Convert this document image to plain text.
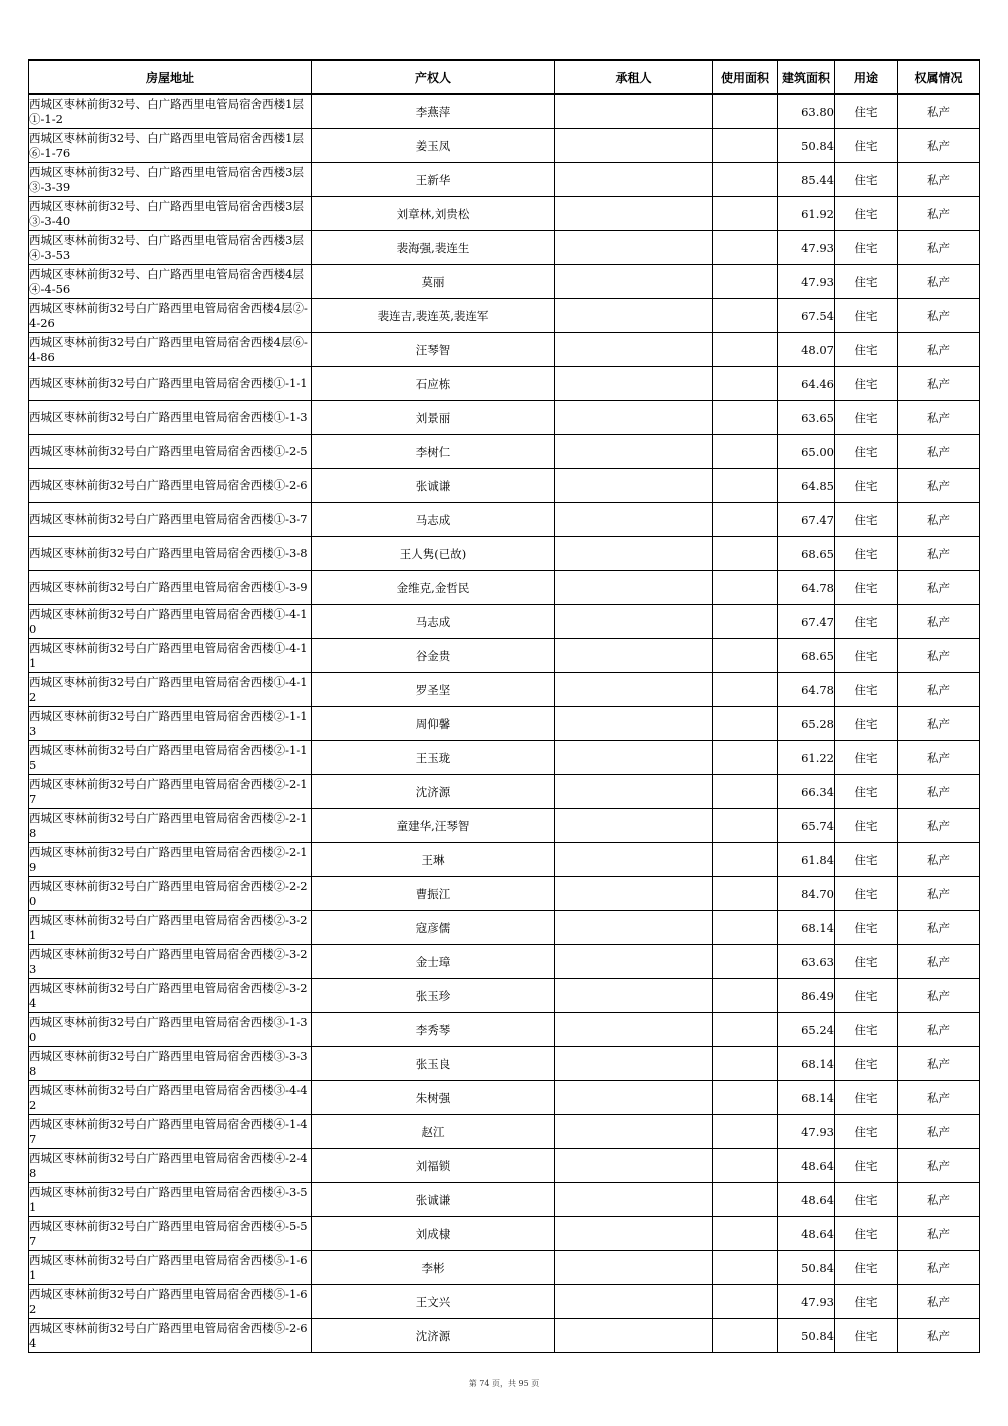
房屋地址	产权人	承租人	使用面积	建筑面积	用途	权属情况
西城区枣林前街32号、白广路西里电管局宿舍西楼1层①-1-2	李燕萍			63.80	住宅	私产
西城区枣林前街32号、白广路西里电管局宿舍西楼1层⑥-1-76	姜玉凤			50.84	住宅	私产
西城区枣林前街32号、白广路西里电管局宿舍西楼3层③-3-39	王新华			85.44	住宅	私产
西城区枣林前街32号、白广路西里电管局宿舍西楼3层③-3-40	刘章林,刘贵松			61.92	住宅	私产
西城区枣林前街32号、白广路西里电管局宿舍西楼3层④-3-53	裴海强,裴连生			47.93	住宅	私产
西城区枣林前街32号、白广路西里电管局宿舍西楼4层④-4-56	莫丽			47.93	住宅	私产
西城区枣林前街32号白广路西里电管局宿舍西楼4层②-4-26	裴连吉,裴连英,裴连军			67.54	住宅	私产
西城区枣林前街32号白广路西里电管局宿舍西楼4层⑥-4-86	汪琴智			48.07	住宅	私产
西城区枣林前街32号白广路西里电管局宿舍西楼①-1-1	石应栋			64.46	住宅	私产
西城区枣林前街32号白广路西里电管局宿舍西楼①-1-3	刘景丽			63.65	住宅	私产
西城区枣林前街32号白广路西里电管局宿舍西楼①-2-5	李树仁			65.00	住宅	私产
西城区枣林前街32号白广路西里电管局宿舍西楼①-2-6	张诚谦			64.85	住宅	私产
西城区枣林前街32号白广路西里电管局宿舍西楼①-3-7	马志成			67.47	住宅	私产
西城区枣林前街32号白广路西里电管局宿舍西楼①-3-8	王人隽(已故)			68.65	住宅	私产
西城区枣林前街32号白广路西里电管局宿舍西楼①-3-9	金维克,金哲民			64.78	住宅	私产
西城区枣林前街32号白广路西里电管局宿舍西楼①-4-10	马志成			67.47	住宅	私产
西城区枣林前街32号白广路西里电管局宿舍西楼①-4-11	谷金贵			68.65	住宅	私产
西城区枣林前街32号白广路西里电管局宿舍西楼①-4-12	罗圣坚			64.78	住宅	私产
西城区枣林前街32号白广路西里电管局宿舍西楼②-1-13	周仰馨			65.28	住宅	私产
西城区枣林前街32号白广路西里电管局宿舍西楼②-1-15	王玉珑			61.22	住宅	私产
西城区枣林前街32号白广路西里电管局宿舍西楼②-2-17	沈济源			66.34	住宅	私产
西城区枣林前街32号白广路西里电管局宿舍西楼②-2-18	童建华,汪琴智			65.74	住宅	私产
西城区枣林前街32号白广路西里电管局宿舍西楼②-2-19	王琳			61.84	住宅	私产
西城区枣林前街32号白广路西里电管局宿舍西楼②-2-20	曹振江			84.70	住宅	私产
西城区枣林前街32号白广路西里电管局宿舍西楼②-3-21	寇彦儒			68.14	住宅	私产
西城区枣林前街32号白广路西里电管局宿舍西楼②-3-23	金士璋			63.63	住宅	私产
西城区枣林前街32号白广路西里电管局宿舍西楼②-3-24	张玉珍			86.49	住宅	私产
西城区枣林前街32号白广路西里电管局宿舍西楼③-1-30	李秀琴			65.24	住宅	私产
西城区枣林前街32号白广路西里电管局宿舍西楼③-3-38	张玉良			68.14	住宅	私产
西城区枣林前街32号白广路西里电管局宿舍西楼③-4-42	朱树强			68.14	住宅	私产
西城区枣林前街32号白广路西里电管局宿舍西楼④-1-47	赵江			47.93	住宅	私产
西城区枣林前街32号白广路西里电管局宿舍西楼④-2-48	刘福锁			48.64	住宅	私产
西城区枣林前街32号白广路西里电管局宿舍西楼④-3-51	张诚谦			48.64	住宅	私产
西城区枣林前街32号白广路西里电管局宿舍西楼④-5-57	刘成棣			48.64	住宅	私产
西城区枣林前街32号白广路西里电管局宿舍西楼⑤-1-61	李彬			50.84	住宅	私产
西城区枣林前街32号白广路西里电管局宿舍西楼⑤-1-62	王文兴			47.93	住宅	私产
西城区枣林前街32号白广路西里电管局宿舍西楼⑤-2-64	沈济源			50.84	住宅	私产
第 74 页，共 95 页
